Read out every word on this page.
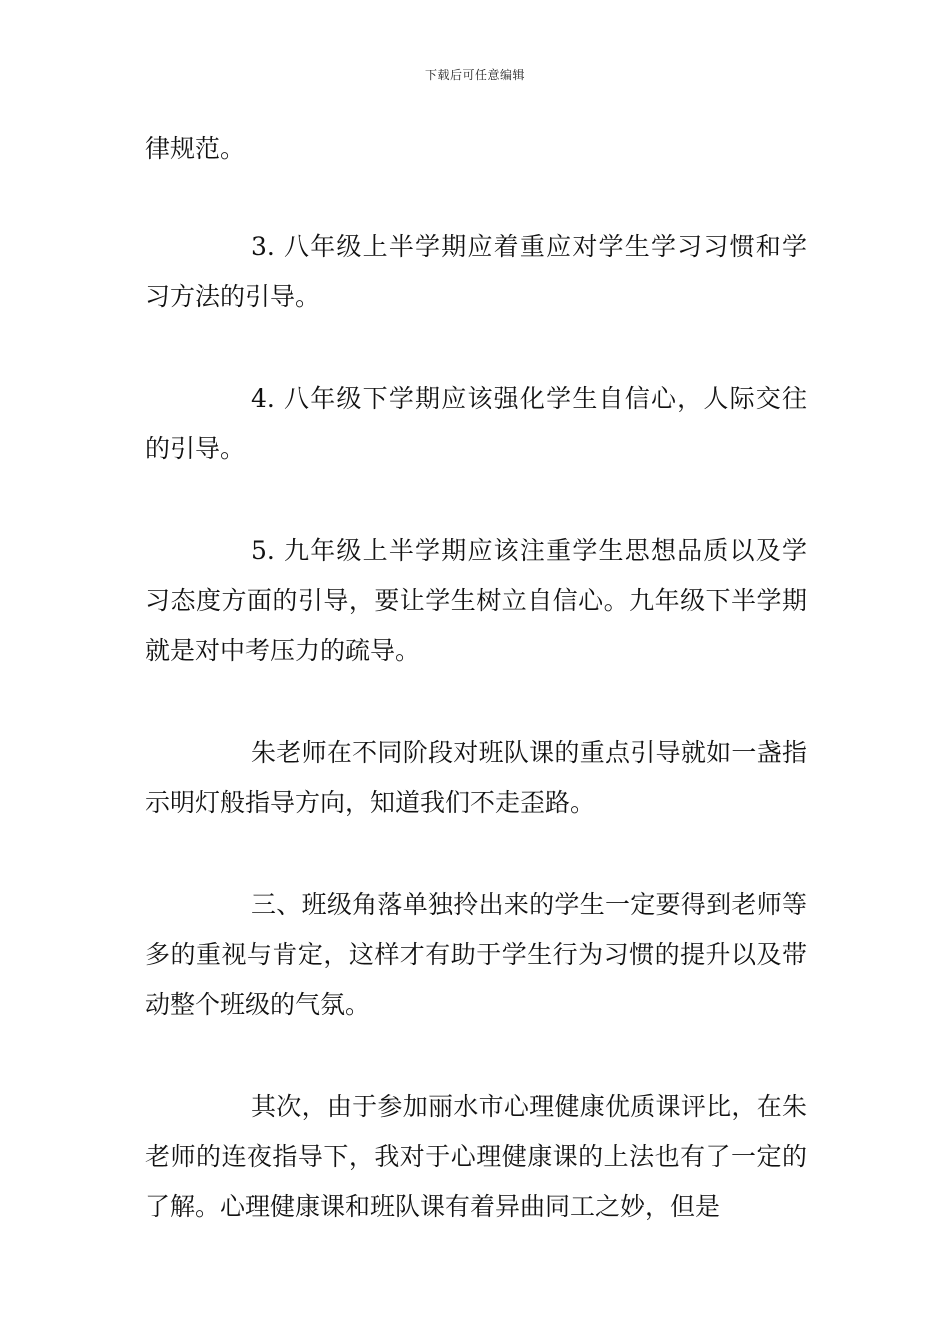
下载后可任意编辑

律规范。

3. 八年级上半学期应着重应对学生学习习惯和学习方法的引导。

4. 八年级下学期应该强化学生自信心，人际交往的引导。

5. 九年级上半学期应该注重学生思想品质以及学习态度方面的引导，要让学生树立自信心。九年级下半学期就是对中考压力的疏导。

朱老师在不同阶段对班队课的重点引导就如一盏指示明灯般指导方向，知道我们不走歪路。

三、班级角落单独拎出来的学生一定要得到老师等多的重视与肯定，这样才有助于学生行为习惯的提升以及带动整个班级的气氛。

其次，由于参加丽水市心理健康优质课评比，在朱老师的连夜指导下，我对于心理健康课的上法也有了一定的了解。心理健康课和班队课有着异曲同工之妙，但是
